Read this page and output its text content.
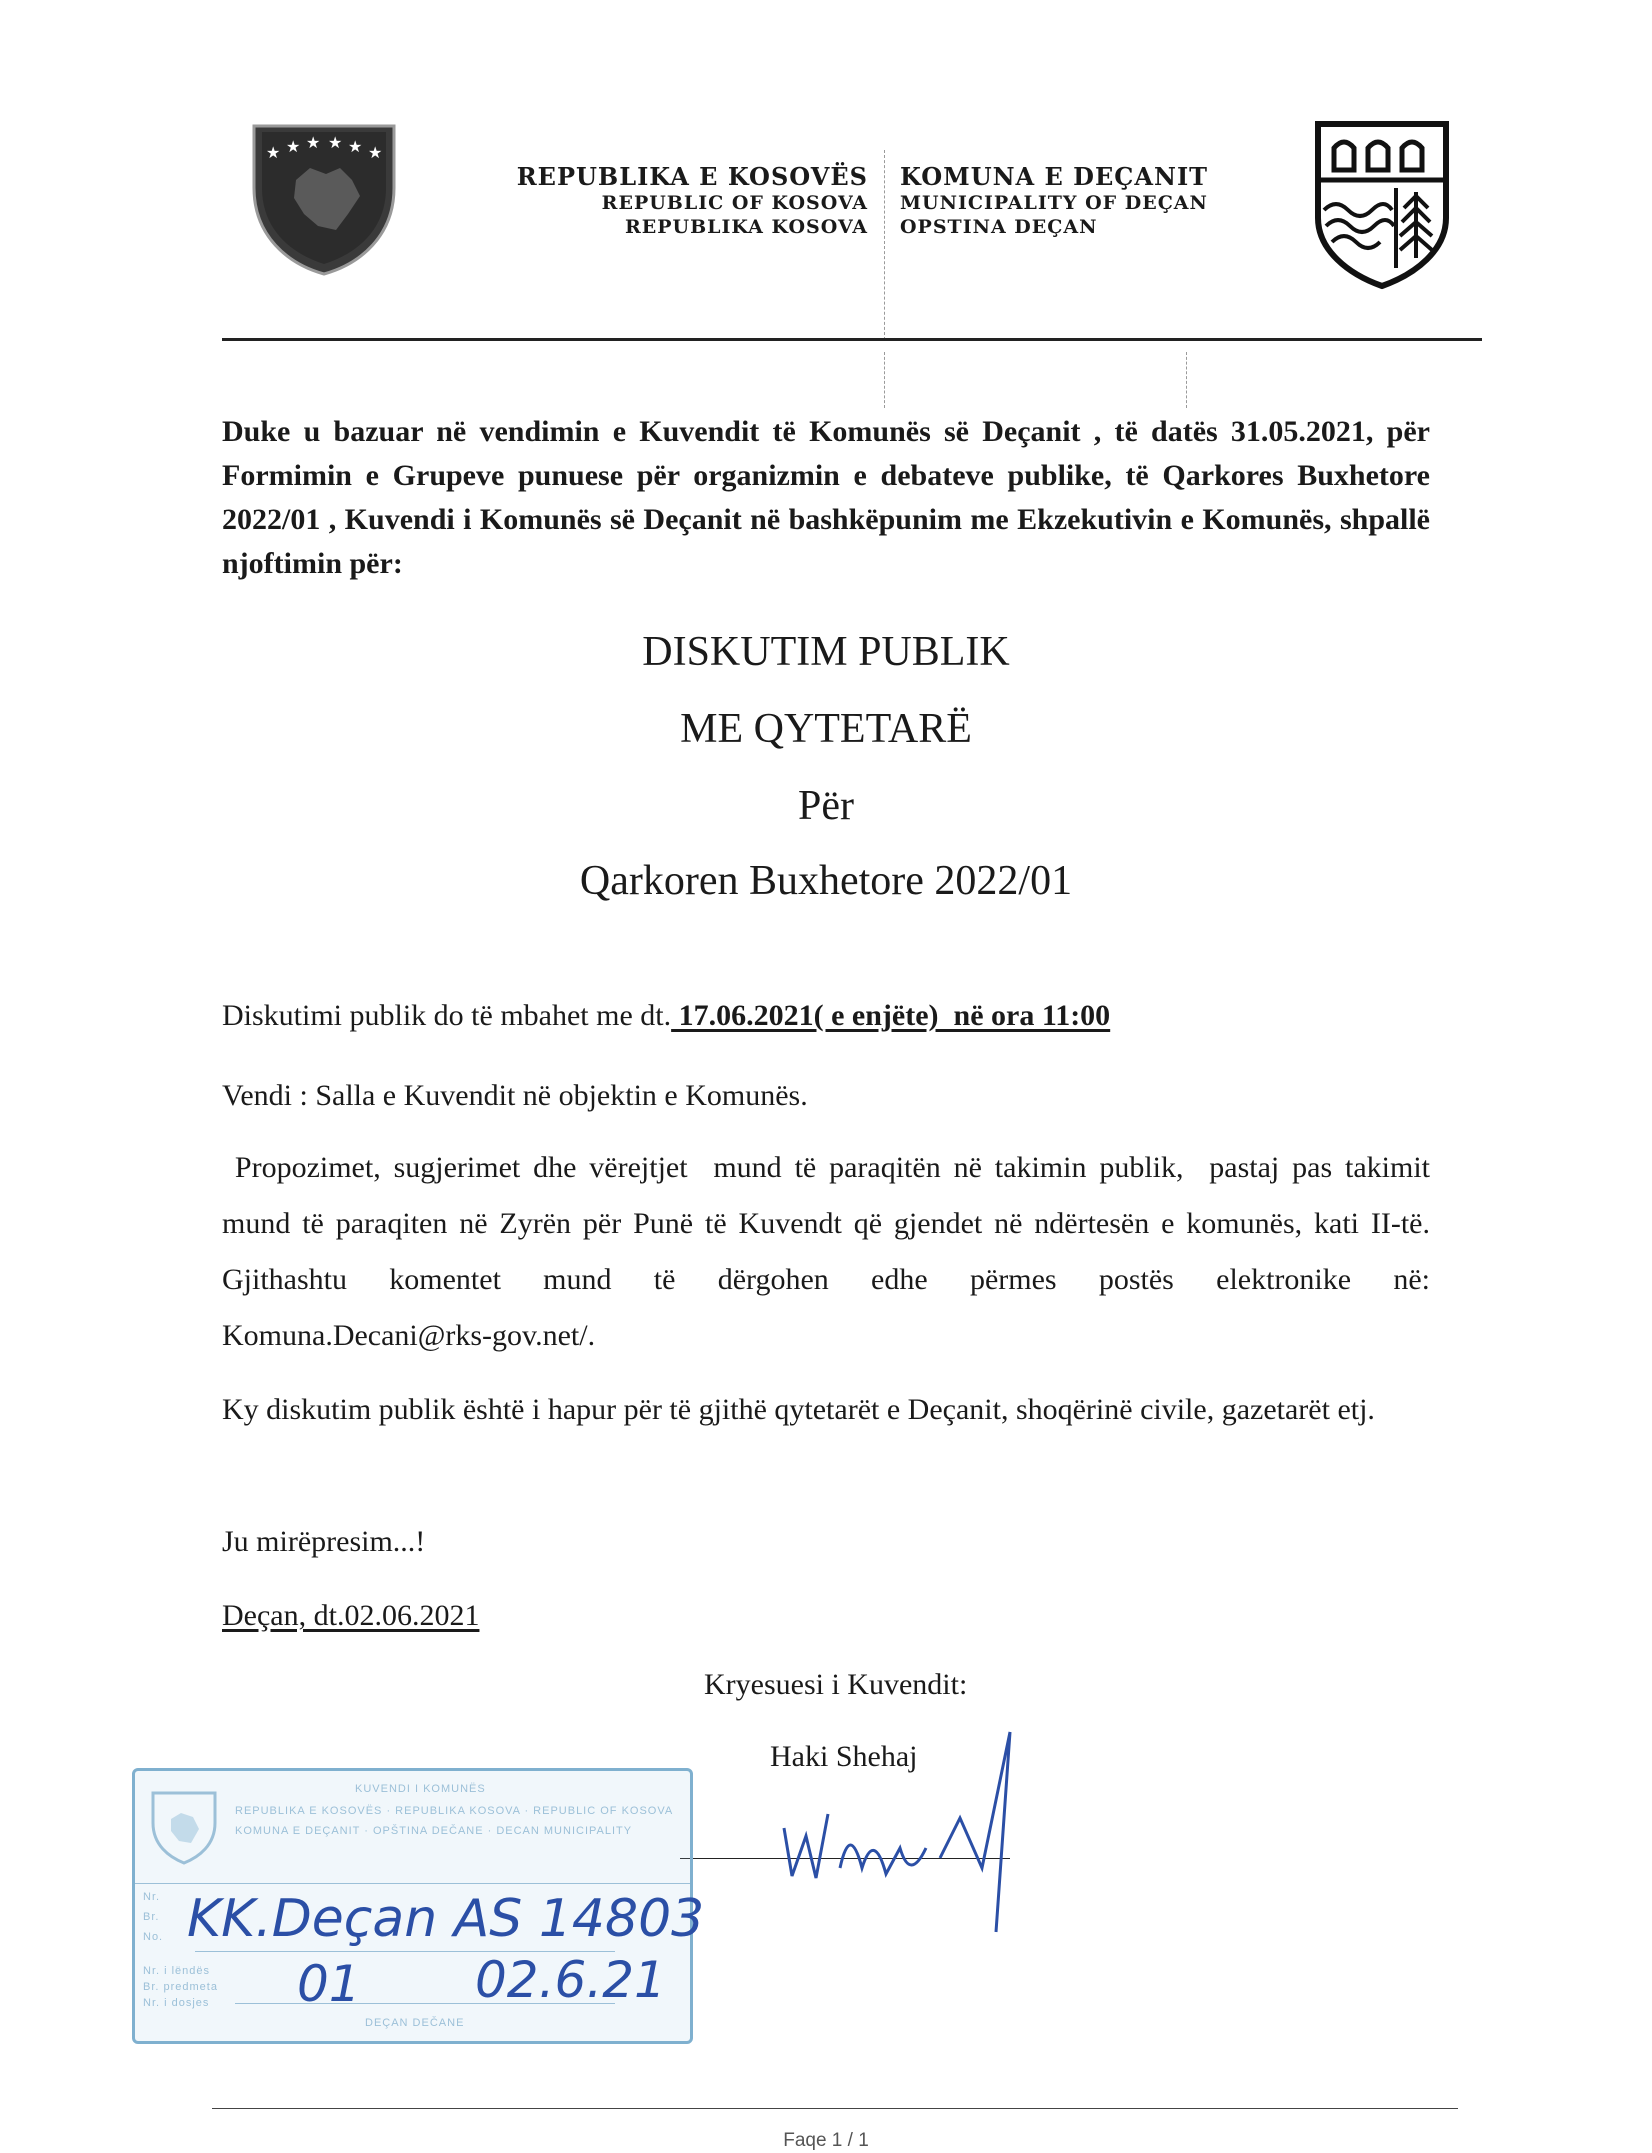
★ ★ ★ ★ ★ ★
REPUBLIKA E KOSOVËS
REPUBLIC OF KOSOVA
REPUBLIKA KOSOVA
KOMUNA E DEÇANIT
MUNICIPALITY OF DEÇAN
OPSTINA DEÇAN
Duke u bazuar në vendimin e Kuvendit të Komunës së Deçanit , të datës 31.05.2021, për Formimin e Grupeve punuese për organizmin e debateve publike, të Qarkores Buxhetore 2022/01 , Kuvendi i Komunës së Deçanit në bashkëpunim me Ekzekutivin e Komunës, shpallë njoftimin për:
DISKUTIM PUBLIK
ME QYTETARË
Për
Qarkoren Buxhetore 2022/01
Diskutimi publik do të mbahet me dt. 17.06.2021( e enjëte)  në ora 11:00
Vendi : Salla e Kuvendit në objektin e Komunës.
Propozimet, sugjerimet dhe vërejtjet  mund të paraqitën në takimin publik,  pastaj pas takimit
mund të paraqiten në Zyrën për Punë të Kuvendt që gjendet në ndërtesën e komunës, kati II-të.
Gjithashtu komentet mund të dërgohen edhe përmes postës elektronike në:
Komuna.Decani@rks-gov.net/.
Ky diskutim publik është i hapur për të gjithë qytetarët e Deçanit, shoqërinë civile, gazetarët etj.
Ju mirëpresim...!
Deçan, dt.02.06.2021
Kryesuesi i Kuvendit:
Haki Shehaj
KUVENDI I KOMUNËS
REPUBLIKA E KOSOVËS · REPUBLIKA KOSOVA · REPUBLIC OF KOSOVA
KOMUNA E DEÇANIT · OPŠTINA DEČANE · DECAN MUNICIPALITY
Nr.
Br.
No.
Nr. i lëndës
Br. predmeta
Nr. i dosjes
DEÇAN DEČANE
KK.Deçan AS 14803
01 02.6.21
Faqe 1 / 1
